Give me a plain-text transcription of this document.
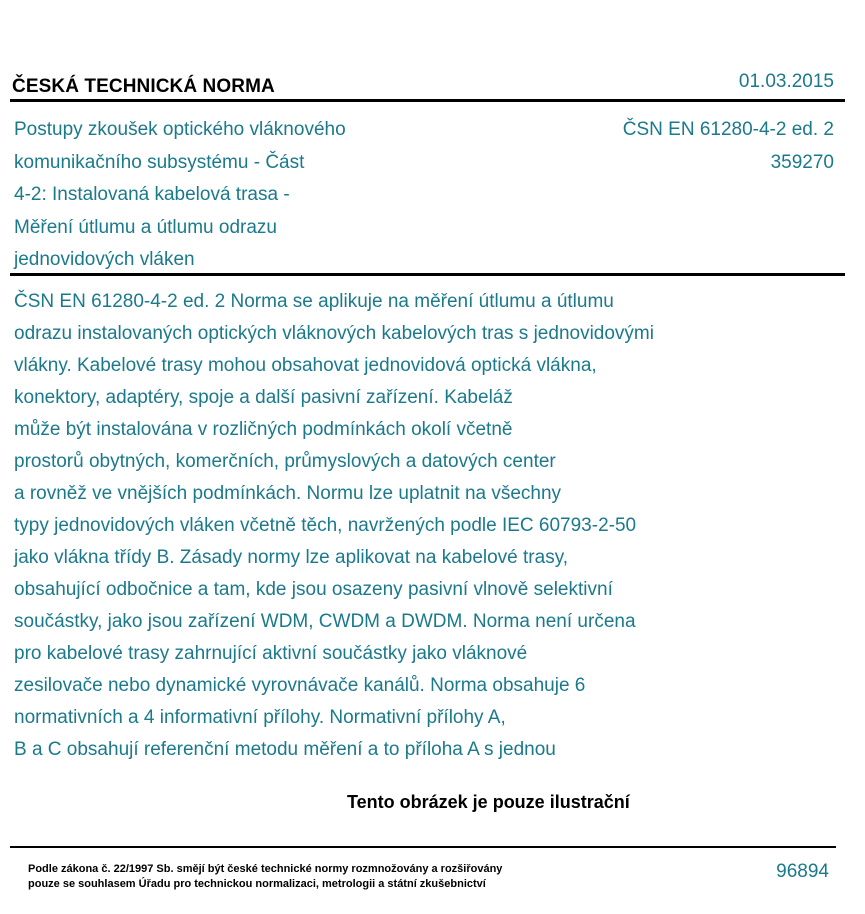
ČESKÁ TECHNICKÁ NORMA	01.03.2015
Postupy zkoušek optického vláknového
komunikačního subsystému - Část
4-2: Instalovaná kabelová trasa -
Měření útlumu a útlumu odrazu
jednovidových vláken
ČSN EN 61280-4-2 ed. 2
359270
ČSN EN 61280-4-2 ed. 2 Norma se aplikuje na měření útlumu a útlumu
odrazu instalovaných optických vláknových kabelových tras s jednovidovými
vlákny. Kabelové trasy mohou obsahovat jednovidová optická vlákna,
konektory, adaptéry, spoje a další pasivní zařízení. Kabeláž
může být instalována v rozličných podmínkách okolí včetně
prostorů obytných, komerčních, průmyslových a datových center
a rovněž ve vnějších podmínkách. Normu lze uplatnit na všechny
typy jednovidových vláken včetně těch, navržených podle IEC 60793-2-50
jako vlákna třídy B. Zásady normy lze aplikovat na kabelové trasy,
obsahující odbočnice a tam, kde jsou osazeny pasivní vlnově selektivní
součástky, jako jsou zařízení WDM, CWDM a DWDM. Norma není určena
pro kabelové trasy zahrnující aktivní součástky jako vláknové
zesilovače nebo dynamické vyrovnávače kanálů. Norma obsahuje 6
normativních a 4 informativní přílohy. Normativní přílohy A,
B a C obsahují referenční metodu měření a to příloha A s jednou
Tento obrázek je pouze ilustrační
Podle zákona č. 22/1997 Sb. smějí být české technické normy rozmnožovány a rozšiřovány
pouze se souhlasem Úřadu pro technickou normalizaci, metrologii a státní zkušebnictví
96894
